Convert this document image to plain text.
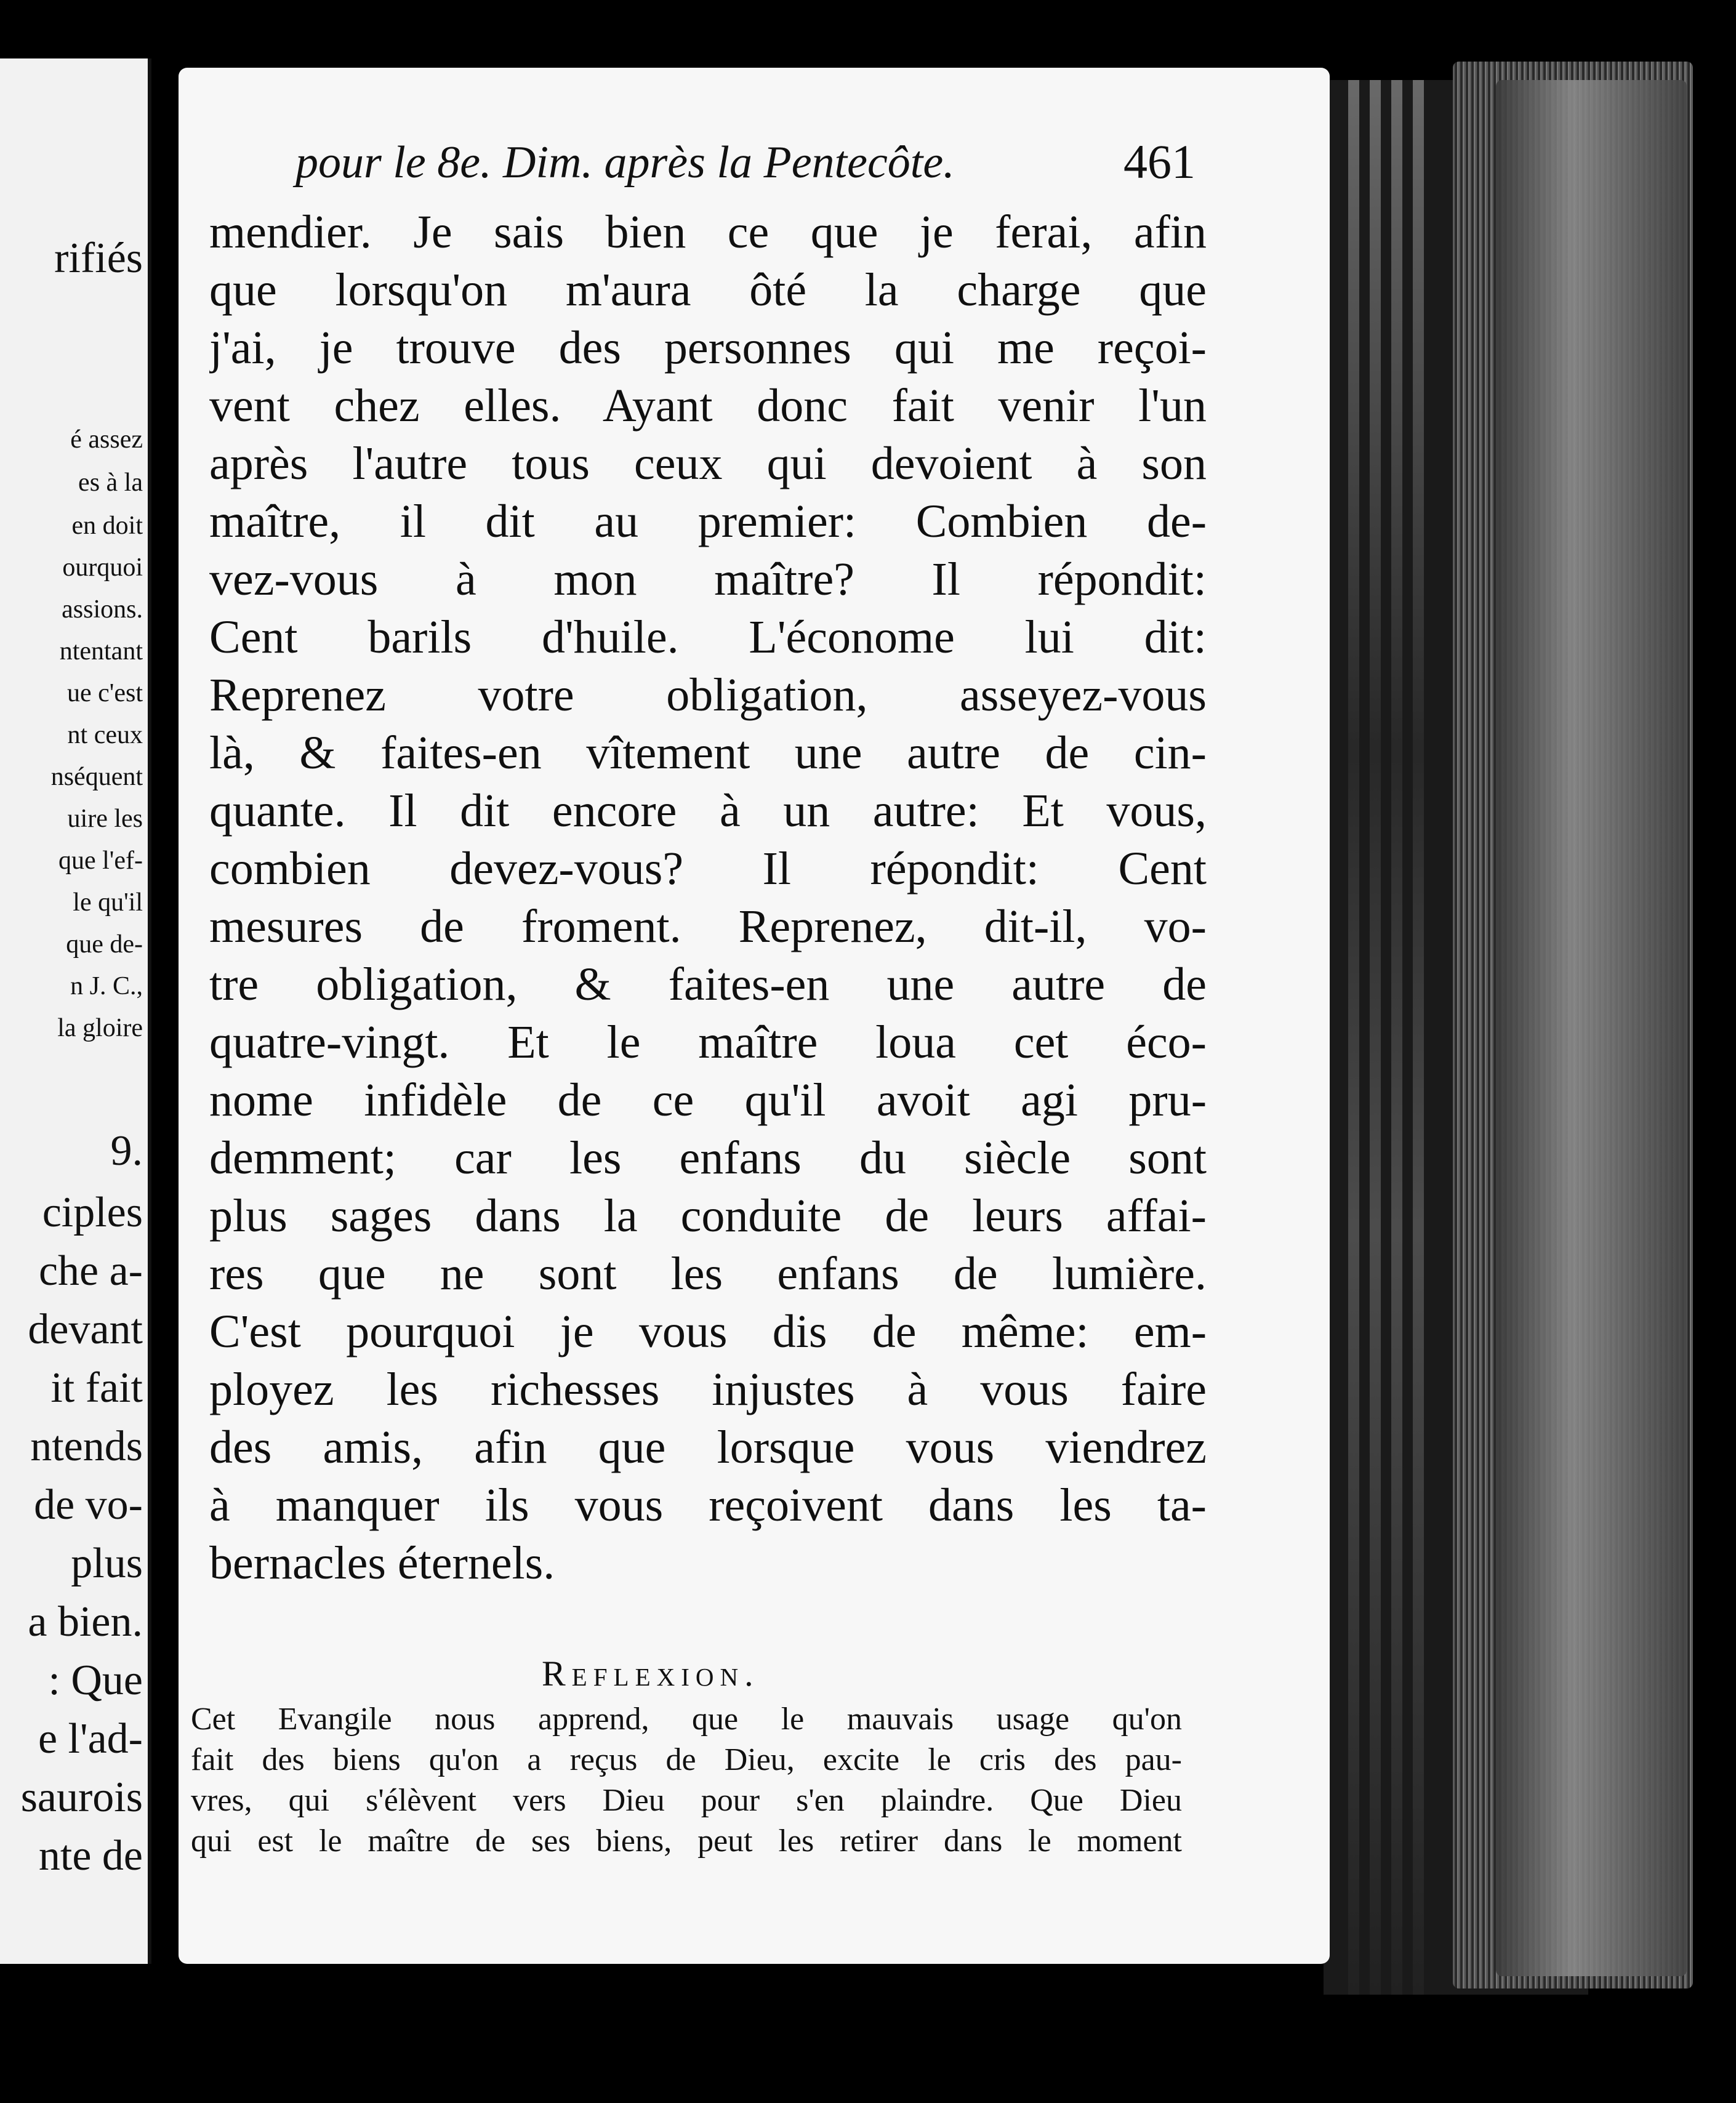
rifiés
é assez
es à la
en doit
ourquoi
assions.
ntentant
ue c'est
nt ceux
nséquent
uire les
que l'ef-
le qu'il
que de-
n J. C.,
la gloire
9.
ciples
che a-
devant
it fait
ntends
de vo-
plus
a bien.
: Que
e l'ad-
saurois
nte de
pour le 8e. Dim. après la Pentecôte.	461
mendier. Je sais bien ce que je ferai, afin
que lorsqu'on m'aura ôté la charge que
j'ai, je trouve des personnes qui me reçoi-
vent chez elles. Ayant donc fait venir l'un
après l'autre tous ceux qui devoient à son
maître, il dit au premier: Combien de-
vez-vous à mon maître? Il répondit:
Cent barils d'huile. L'économe lui dit:
Reprenez votre obligation, asseyez-vous
là, & faites-en vîtement une autre de cin-
quante. Il dit encore à un autre: Et vous,
combien devez-vous? Il répondit: Cent
mesures de froment. Reprenez, dit-il, vo-
tre obligation, & faites-en une autre de
quatre-vingt. Et le maître loua cet éco-
nome infidèle de ce qu'il avoit agi pru-
demment; car les enfans du siècle sont
plus sages dans la conduite de leurs affai-
res que ne sont les enfans de lumière.
C'est pourquoi je vous dis de même: em-
ployez les richesses injustes à vous faire
des amis, afin que lorsque vous viendrez
à manquer ils vous reçoivent dans les ta-
bernacles éternels.
Reflexion.
Cet Evangile nous apprend, que le mauvais usage qu'on
fait des biens qu'on a reçus de Dieu, excite le cris des pau-
vres, qui s'élèvent vers Dieu pour s'en plaindre. Que Dieu
qui est le maître de ses biens, peut les retirer dans le moment
